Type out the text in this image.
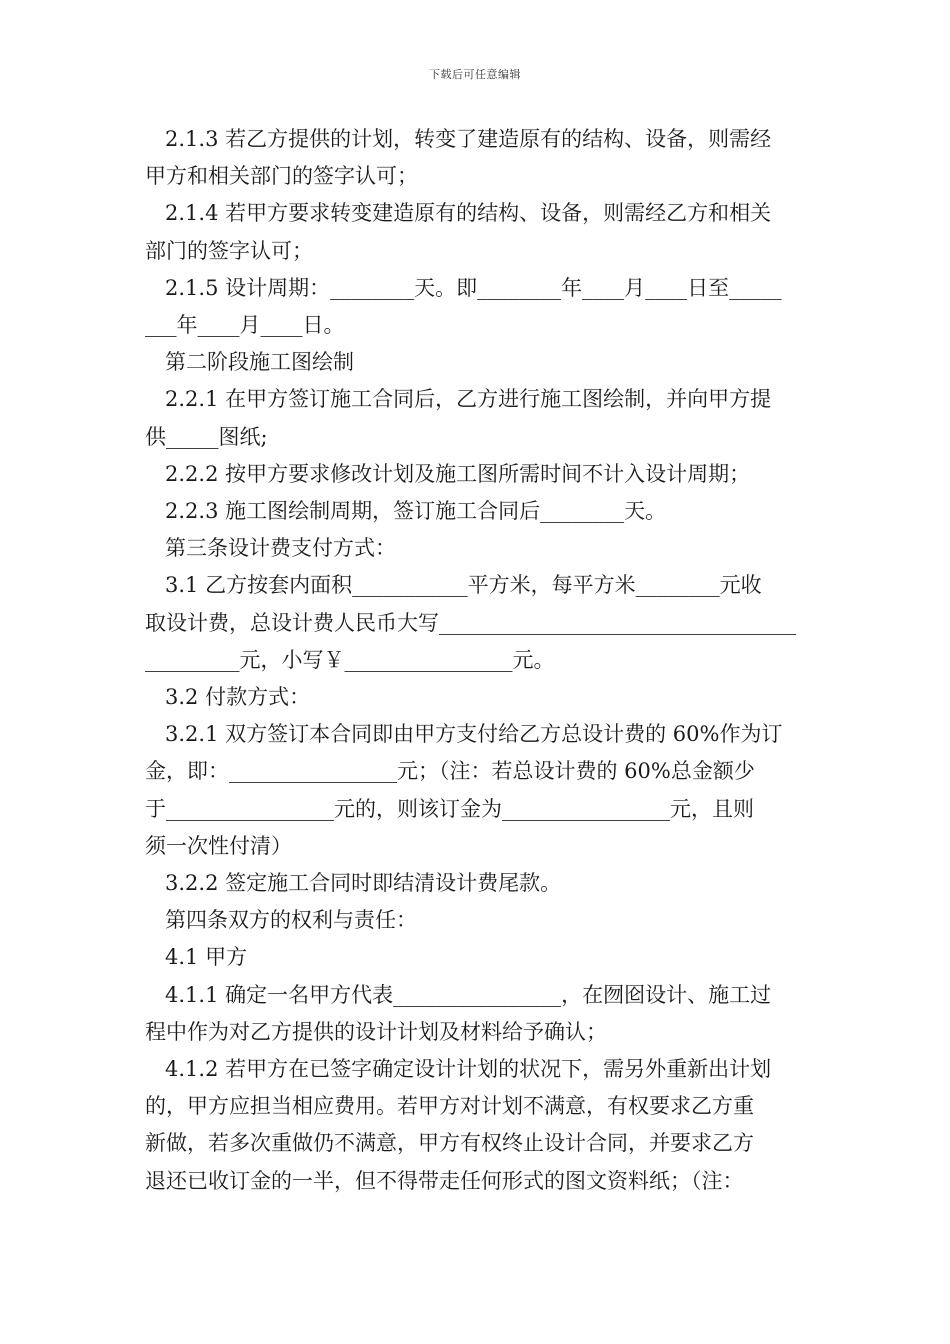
下载后可任意编辑
2.1.3 若乙方提供的计划，转变了建造原有的结构、设备，则需经
甲方和相关部门的签字认可；
2.1.4 若甲方要求转变建造原有的结构、设备，则需经乙方和相关
部门的签字认可；
2.1.5 设计周期：________天。即________年____月____日至_____
___年____月____日。
第二阶段施工图绘制
2.2.1 在甲方签订施工合同后，乙方进行施工图绘制，并向甲方提
供_____图纸;
2.2.2 按甲方要求修改计划及施工图所需时间不计入设计周期；
2.2.3 施工图绘制周期，签订施工合同后________天。
第三条设计费支付方式：
3.1 乙方按套内面积___________平方米，每平方米________元收
取设计费，总设计费人民币大写__________________________________
_________元，小写￥________________元。
3.2 付款方式：
3.2.1 双方签订本合同即由甲方支付给乙方总设计费的 60%作为订
金，即：________________元；（注：若总设计费的 60%总金额少
于________________元的，则该订金为________________元，且则
须一次性付清）
3.2.2 签定施工合同时即结清设计费尾款。
第四条双方的权利与责任：
4.1 甲方
4.1.1 确定一名甲方代表________________，在囫囵设计、施工过
程中作为对乙方提供的设计计划及材料给予确认；
4.1.2 若甲方在已签字确定设计计划的状况下，需另外重新出计划
的，甲方应担当相应费用。若甲方对计划不满意，有权要求乙方重
新做，若多次重做仍不满意，甲方有权终止设计合同，并要求乙方
退还已收订金的一半，但不得带走任何形式的图文资料纸；（注：
